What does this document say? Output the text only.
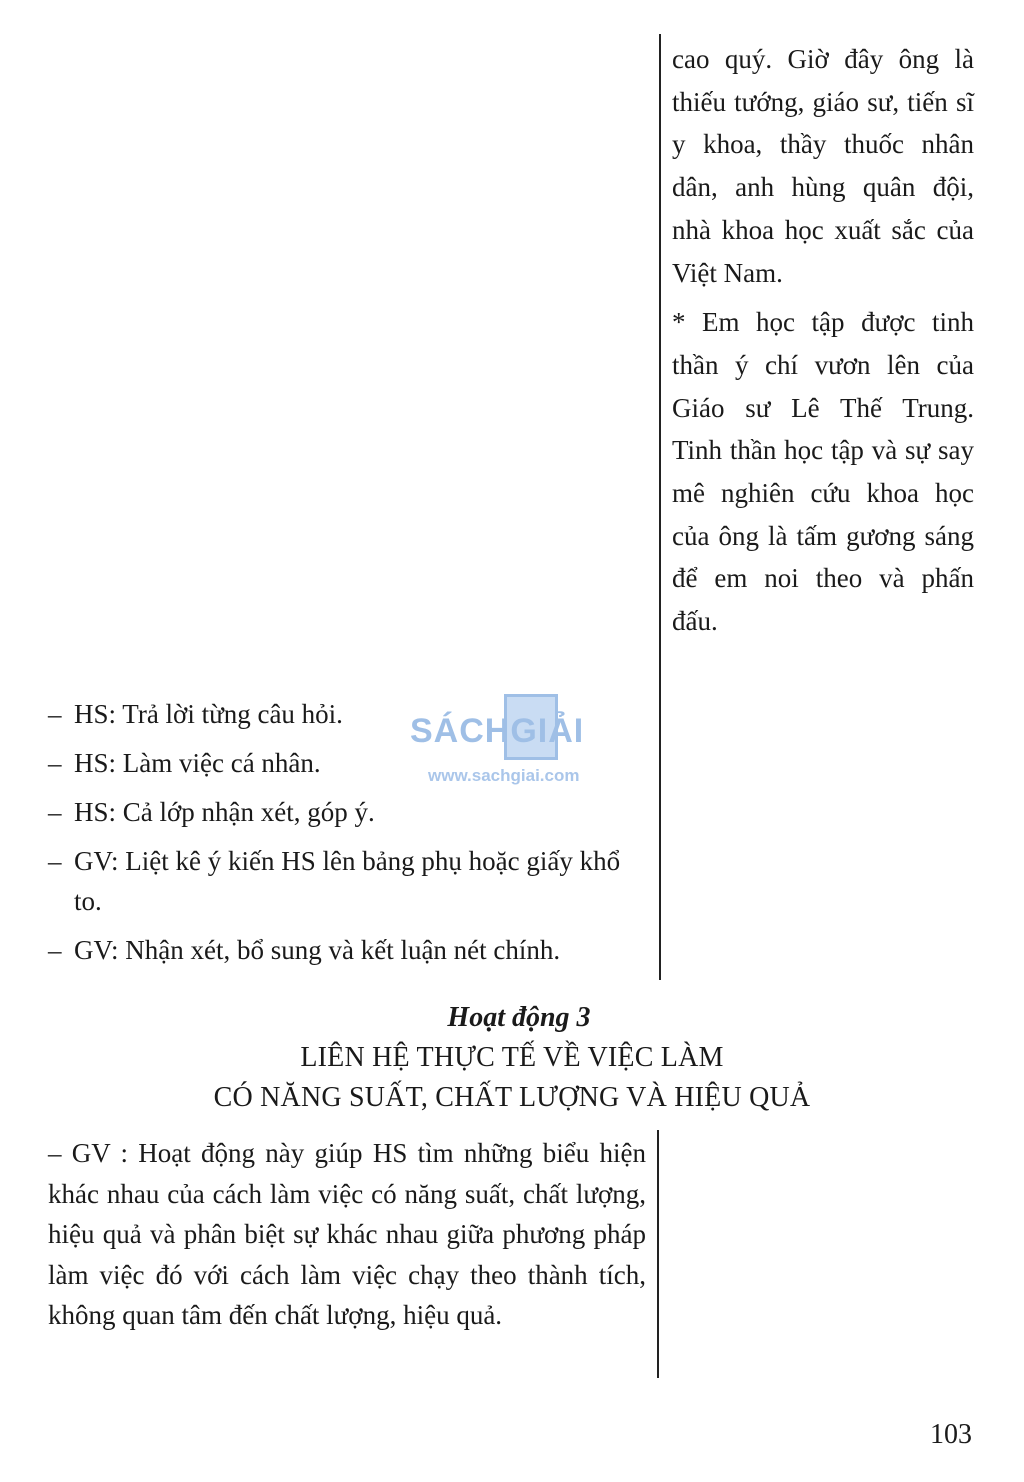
cao quý. Giờ đây ông là thiếu tướng, giáo sư, tiến sĩ y khoa, thầy thuốc nhân dân, anh hùng quân đội, nhà khoa học xuất sắc của Việt Nam.

* Em học tập được tinh thần ý chí vươn lên của Giáo sư Lê Thế Trung. Tinh thần học tập và sự say mê nghiên cứu khoa học của ông là tấm gương sáng để em noi theo và phấn đấu.

SÁCHGIẢI
www.sachgiai.com
– HS: Trả lời từng câu hỏi.
– HS: Làm việc cá nhân.
– HS: Cả lớp nhận xét, góp ý.
– GV: Liệt kê ý kiến HS lên bảng phụ hoặc giấy khổ to.
– GV: Nhận xét, bổ sung và kết luận nét chính.
Hoạt động 3
LIÊN HỆ THỰC TẾ VỀ VIỆC LÀM
CÓ NĂNG SUẤT, CHẤT LƯỢNG VÀ HIỆU QUẢ

– GV : Hoạt động này giúp HS tìm những biểu hiện khác nhau của cách làm việc có năng suất, chất lượng, hiệu quả và phân biệt sự khác nhau giữa phương pháp làm việc đó với cách làm việc chạy theo thành tích, không quan tâm đến chất lượng, hiệu quả.

103
